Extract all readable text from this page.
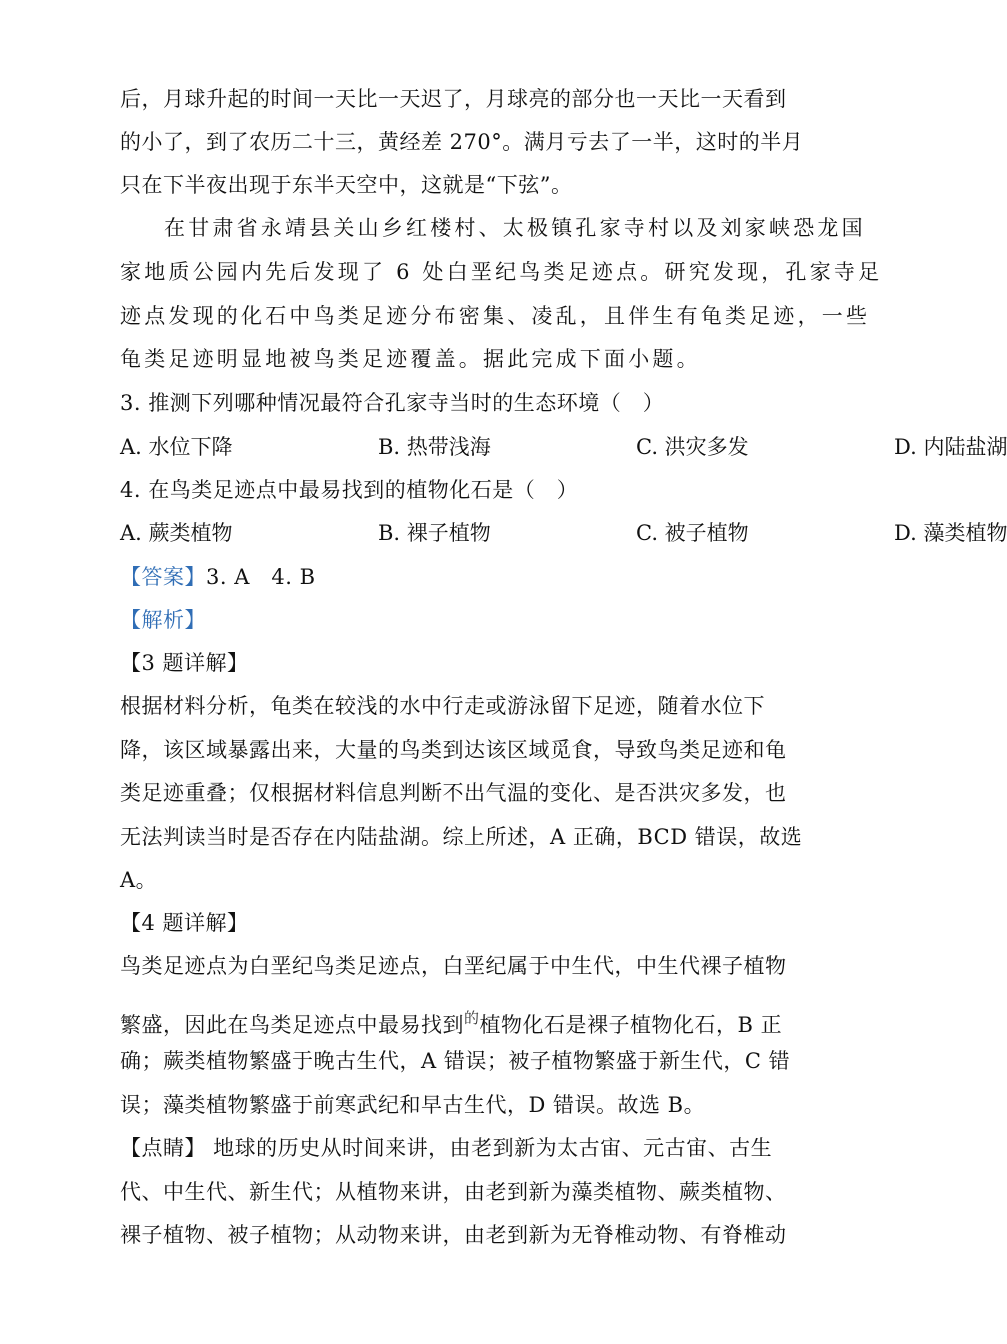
后，月球升起的时间一天比一天迟了，月球亮的部分也一天比一天看到
的小了，到了农历二十三，黄经差 270°。满月亏去了一半，这时的半月
只在下半夜出现于东半天空中，这就是“下弦”。
在甘肃省永靖县关山乡红楼村、太极镇孔家寺村以及刘家峡恐龙国
家地质公园内先后发现了 6 处白垩纪鸟类足迹点。研究发现，孔家寺足
迹点发现的化石中鸟类足迹分布密集、凌乱，且伴生有龟类足迹，一些
龟类足迹明显地被鸟类足迹覆盖。据此完成下面小题。
3. 推测下列哪种情况最符合孔家寺当时的生态环境（　）
A. 水位下降	B. 热带浅海	C. 洪灾多发	D. 内陆盐湖
4. 在鸟类足迹点中最易找到的植物化石是（　）
A. 蕨类植物	B. 裸子植物	C. 被子植物	D. 藻类植物
【答案】3. A　4. B
【解析】
【3 题详解】
根据材料分析，龟类在较浅的水中行走或游泳留下足迹，随着水位下
降，该区域暴露出来，大量的鸟类到达该区域觅食，导致鸟类足迹和龟
类足迹重叠；仅根据材料信息判断不出气温的变化、是否洪灾多发，也
无法判读当时是否存在内陆盐湖。综上所述，A 正确，BCD 错误，故选
A。
【4 题详解】
鸟类足迹点为白垩纪鸟类足迹点，白垩纪属于中生代，中生代裸子植物
繁盛，因此在鸟类足迹点中最易找到$^的$植物化石是裸子植物化石，B 正
确；蕨类植物繁盛于晚古生代，A 错误；被子植物繁盛于新生代，C 错
误；藻类植物繁盛于前寒武纪和早古生代，D 错误。故选 B。
【点睛】 地球的历史从时间来讲，由老到新为太古宙、元古宙、古生
代、中生代、新生代；从植物来讲，由老到新为藻类植物、蕨类植物、
裸子植物、被子植物；从动物来讲，由老到新为无脊椎动物、有脊椎动
